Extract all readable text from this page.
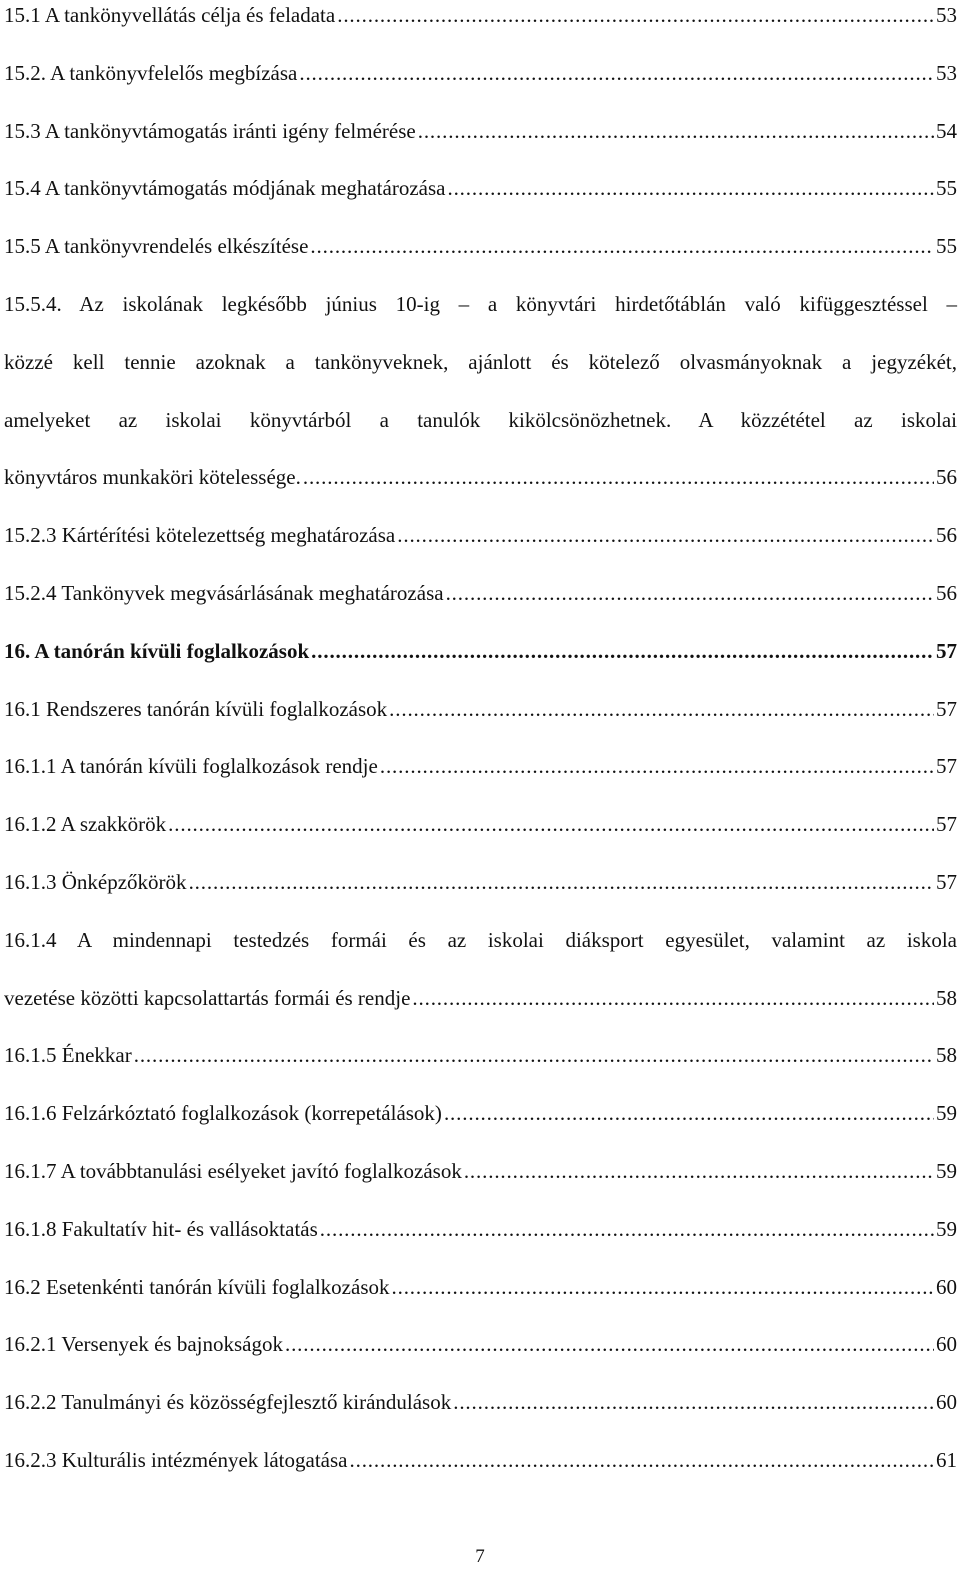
15.1 A tankönyvellátás célja és feladata . . .	53
15.2. A tankönyvfelelős megbízása . . .	53
15.3 A tankönyvtámogatás iránti igény felmérése . . .	54
15.4 A tankönyvtámogatás módjának meghatározása . . .	55
15.5 A tankönyvrendelés elkészítése . . .	55
15.5.4. Az iskolának legkésőbb június 10-ig – a könyvtári hirdetőtáblán való kifüggesztéssel –
közzé kell tennie azoknak a tankönyveknek, ajánlott és kötelező olvasmányoknak a jegyzékét,
amelyeket az iskolai könyvtárból a tanulók kikölcsönözhetnek. A közzététel az iskolai
könyvtáros munkaköri kötelessége. . . .	56
15.2.3 Kártérítési kötelezettség meghatározása . . .	56
15.2.4 Tankönyvek megvásárlásának meghatározása . . .	56
16. A tanórán kívüli foglalkozások . . .	57
16.1 Rendszeres tanórán kívüli foglalkozások . . .	57
16.1.1 A tanórán kívüli foglalkozások rendje . . .	57
16.1.2 A szakkörök . . .	57
16.1.3 Önképzőkörök . . .	57
16.1.4 A mindennapi testedzés formái és az iskolai diáksport egyesület, valamint az iskola
vezetése közötti kapcsolattartás formái és rendje . . .	58
16.1.5 Énekkar . . .	58
16.1.6 Felzárkóztató foglalkozások (korrepetálások) . . .	59
16.1.7 A továbbtanulási esélyeket javító foglalkozások . . .	59
16.1.8 Fakultatív hit- és vallásoktatás . . .	59
16.2 Esetenkénti tanórán kívüli foglalkozások . . .	60
16.2.1 Versenyek és bajnokságok . . .	60
16.2.2 Tanulmányi és közösségfejlesztő kirándulások . . .	60
16.2.3 Kulturális intézmények látogatása . . .	61
7
